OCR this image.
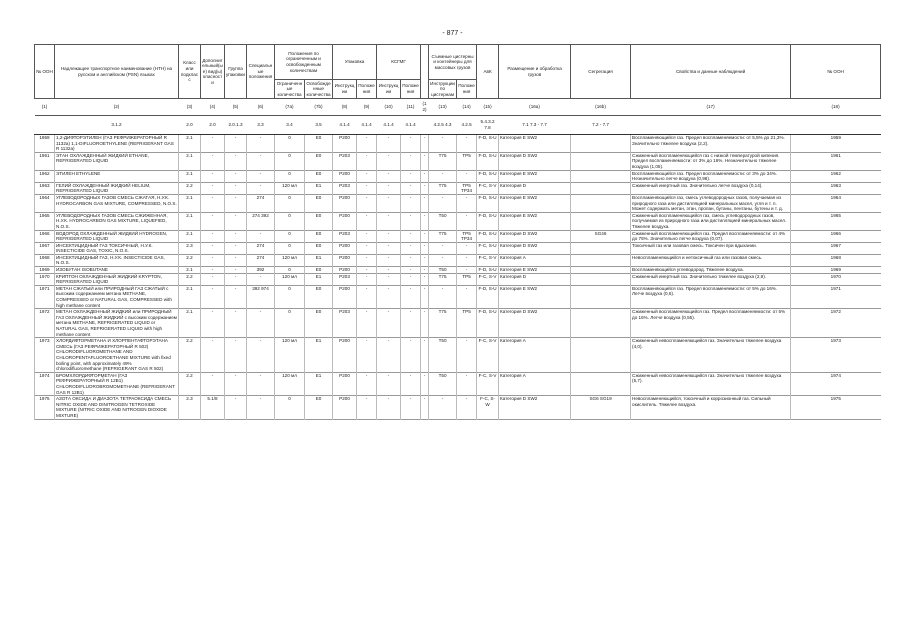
- 877 -
№ ООН	Надлежащее транспортное наименование (НТН) на русском и английском (PSN) языках	Класс или подкласс	Дополнительный(ые) вид(ы) опасности	Группа упаковки	Специальные положения	Положения по ограниченным и освобожденным количествам		Упаковка		КСГМГ			Съемные цистерны и контейнеры для массовых грузов		АвК	Размещение и обработка грузов	Сегрегация	Свойства и данные наблюдений	№ ООН
						Ограниченные количества	Освобожденные количества	Инструкции	Положения	Инструкции	Положения		Инструкции по цистернам	Положения					
(1)	(2)	(3)	(4)	(5)	(6)	(7a)	(7b)	(8)	(9)	(10)	(11)	(12)	(13)	(14)	(15)	(16a)	(16b)	(17)	(18)
	3.1.2	2.0	2.0	2.0.1.3	3.3	3.4	3.5	4.1.4	4.1.4	4.1.4	4.1.4		4.2.5 4.3	4.2.5	5.4.3.2 7.8	7.1 7.3 - 7.7	7.2 - 7.7		
1959	1,2-ДИФТОРЭТИЛЕН (ГАЗ РЕФРИЖЕРАТОРНЫЙ R 1132a) 1,1-DIFLUOROETHYLENE (REFRIGERANT GAS R 1132a)	2.1	-	-	-	0	E0	P200	-	-	-	-	-	-	F-D, S-U	Категория Е SW2		Воспламеняющийся газ. Предел воспламеняемости: от 5,5% до 21,3%. Значительно тяжелее воздуха (2,2).	1959
1961	ЭТАН ОХЛАЖДЕННЫЙ ЖИДКИЙ ETHANE, REFRIGERATED LIQUID	2.1	-	-	-	0	E0	P203	-	-	-	-	T75	TP5	F-D, S-U	Категория D SW2		Сжиженный воспламеняющийся газ с низкой температурой кипения. Предел воспламеняемости: от 3% до 16%. Незначительно тяжелее воздуха (1,05).	1961
1962	ЭТИЛЕН ETHYLENE	2.1	-	-	-	0	E0	P200	-	-	-	-	-	-	F-D, S-U	Категория Е SW2		Воспламеняющийся газ. Предел воспламеняемости: от 3% до 34%. Незначительно легче воздуха (0,98).	1962
1963	ГЕЛИЙ ОХЛАЖДЕННЫЙ ЖИДКИЙ HELIUM, REFRIGERATED LIQUID	2.2	-	-	-	120 мл	E1	P203	-	-	-	-	T75	TP5 TP34	F-C, S-V	Категория D		Сжиженный инертный газ. Значительно легче воздуха (0,14).	1963
1964	УГЛЕВОДОРОДНЫХ ГАЗОВ СМЕСЬ СЖАТАЯ, Н.У.К. HYDROCARBON GAS MIXTURE, COMPRESSED, N.O.S.	2.1	-	-	274	0	E0	P200	-	-	-	-	-	-	F-D, S-U	Категория Е SW2		Воспламеняющийся газ, смесь углеводородных газов, получаемая из природного газа или дистилляцией минеральных масел, угля и т. п. Может содержать метан, этан, пропан, бутаны, пентаны, бутены и т. д.	1964
1965	УГЛЕВОДОРОДНЫХ ГАЗОВ СМЕСЬ СЖИЖЕННАЯ, Н.У.К. HYDROCARBON GAS MIXTURE, LIQUEFIED, N.O.S.	2.1	-	-	274 392	0	E0	P200	-	-	-	-	T50	-	F-D, S-U	Категория Е SW2		Сжиженный воспламеняющийся газ, смесь углеводородных газов, получаемая из природного газа или дистилляцией минеральных масел. Тяжелее воздуха.	1965
1966	ВОДОРОД ОХЛАЖДЕННЫЙ ЖИДКИЙ HYDROGEN, REFRIGERATED LIQUID	2.1	-	-	-	0	E0	P203	-	-	-	-	T75	TP5 TP34	F-D, S-U	Категория D SW2	SG46	Сжиженный воспламеняющийся газ. Предел воспламеняемости: от 4% до 75%. Значительно легче воздуха (0,07).	1966
1967	ИНСЕКТИЦИДНЫЙ ГАЗ ТОКСИЧНЫЙ, Н.У.К. INSECTICIDE GAS, TOXIC, N.O.S.	2.3	-	-	274	0	E0	P200	-	-	-	-	-	-	F-C, S-U	Категория D SW2		Токсичный газ или газовая смесь. Токсичен при вдыхании.	1967
1968	ИНСЕКТИЦИДНЫЙ ГАЗ, Н.У.К. INSECTICIDE GAS, N.O.S.	2.2	-	-	274	120 мл	E1	P200	-	-	-	-	-	-	F-C, S-V	Категория А		Невоспламеняющийся и нетоксичный газ или газовая смесь.	1968
1969	ИЗОБУТАН ISOBUTANE	2.1	-	-	392	0	E0	P200	-	-	-	-	T50	-	F-D, S-U	Категория Е SW2		Воспламеняющийся углеводород. Тяжелее воздуха.	1969
1970	КРИПТОН ОХЛАЖДЕННЫЙ ЖИДКИЙ KRYPTON, REFRIGERATED LIQUID	2.2	-	-	-	120 мл	E1	P203	-	-	-	-	T75	TP5	F-C, S-V	Категория D		Сжиженный инертный газ. Значительно тяжелее воздуха (2,9).	1970
1971	МЕТАН СЖАТЫЙ или ПРИРОДНЫЙ ГАЗ СЖАТЫЙ с высоким содержанием метана METHANE, COMPRESSED or NATURAL GAS, COMPRESSED with high methane content	2.1	-	-	392 974	0	E0	P200	-	-	-	-	-	-	F-D, S-U	Категория Е SW2		Воспламеняющийся газ. Предел воспламеняемости: от 5% до 16%. Легче воздуха (0,6).	1971
1972	МЕТАН ОХЛАЖДЕННЫЙ ЖИДКИЙ или ПРИРОДНЫЙ ГАЗ ОХЛАЖДЕННЫЙ ЖИДКИЙ с высоким содержанием метана METHANE, REFRIGERATED LIQUID or NATURAL GAS, REFRIGERATED LIQUID with high methane content	2.1	-	-	-	0	E0	P203	-	-	-	-	T75	TP5	F-D, S-U	Категория D SW2		Сжиженный воспламеняющийся газ. Предел воспламеняемости: от 5% до 16%. Легче воздуха (0,55).	1972
1973	ХЛОРДИФТОРМЕТАНА И ХЛОРПЕНТАФТОРЭТАНА СМЕСЬ (ГАЗ РЕФРИЖЕРАТОРНЫЙ R 502) CHLORODIFLUOROMETHANE AND CHLOROPENTAFLUOROETHANE MIXTURE with fixed boiling point, with approximately 49% chlorodifluoromethane (REFRIGERANT GAS R 502)	2.2	-	-	-	120 мл	E1	P200	-	-	-	-	T50	-	F-C, S-V	Категория А		Сжиженный невоспламеняющийся газ. Значительно тяжелее воздуха (4,0).	1973
1974	БРОМХЛОРДИФТОРМЕТАН (ГАЗ РЕФРИЖЕРАТОРНЫЙ R 12B1) CHLORODIFLUOROBROMOMETHANE (REFRIGERANT GAS R 12B1)	2.2	-	-	-	120 мл	E1	P200	-	-	-	-	T50	-	F-C, S-V	Категория А		Сжиженный невоспламеняющийся газ. Значительно тяжелее воздуха (5,7).	1974
1975	АЗОТА ОКСИДА И ДИАЗОТА ТЕТРАОКСИДА СМЕСЬ NITRIC OXIDE AND DINITROGEN TETROXIDE MIXTURE (NITRIC OXIDE AND NITROGEN DIOXIDE MIXTURE)	2.3	5.1/8	-	-	0	E0	P200	-	-	-	-	-	-	F-C, S-W	Категория D SW2	SG6 SG19	Невоспламеняющийся, токсичный и коррозионный газ. Сильный окислитель. Тяжелее воздуха.	1975
